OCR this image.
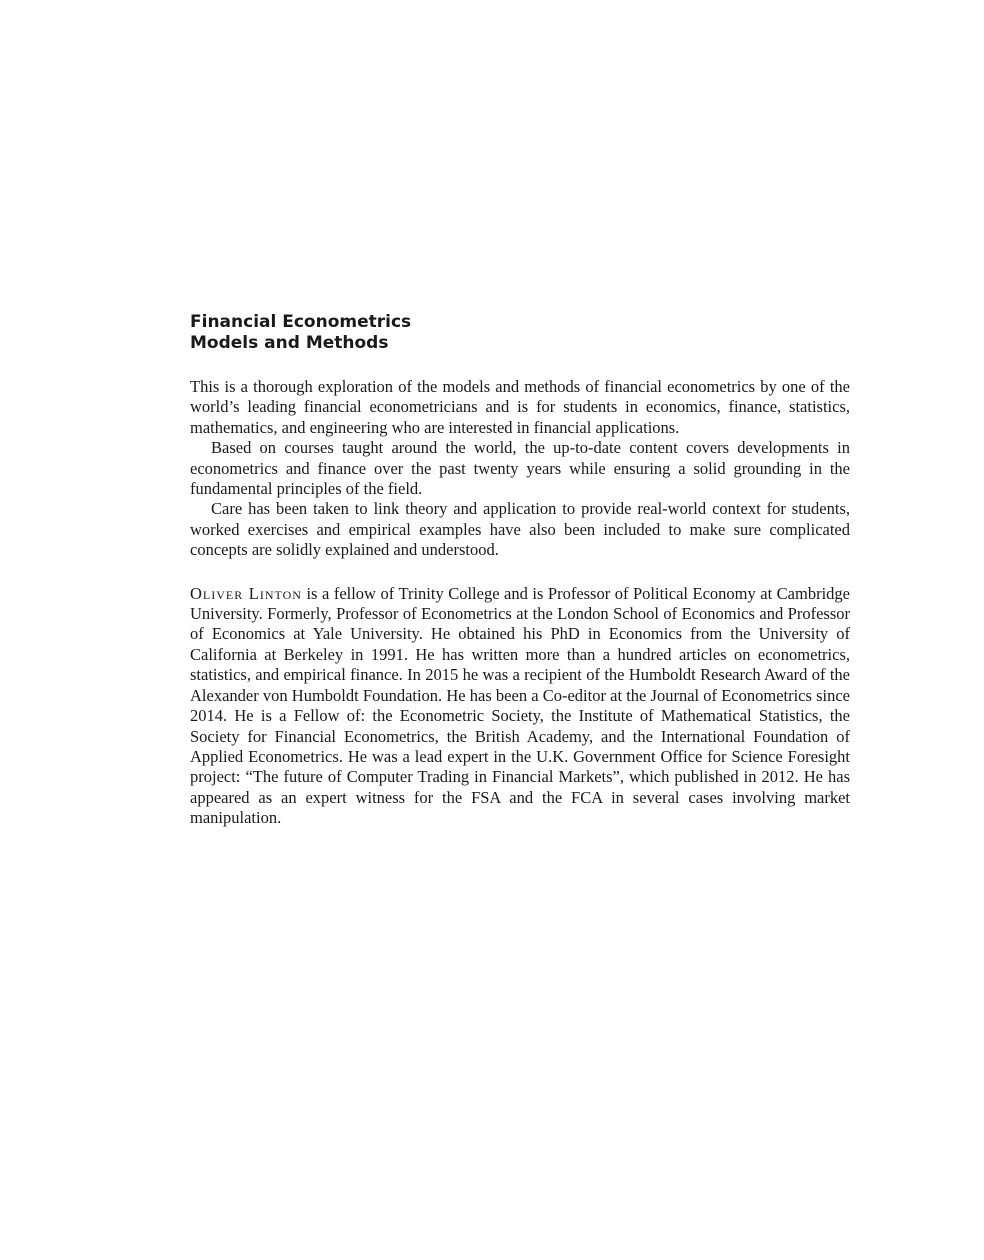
Financial Econometrics
Models and Methods

This is a thorough exploration of the models and methods of financial econometrics by one of the world’s leading financial econometricians and is for students in economics, finance, statistics, mathematics, and engineering who are interested in financial applications.

Based on courses taught around the world, the up-to-date content covers developments in econometrics and finance over the past twenty years while ensuring a solid grounding in the fundamental principles of the field.

Care has been taken to link theory and application to provide real-world context for students, worked exercises and empirical examples have also been included to make sure complicated concepts are solidly explained and understood.

Oliver Linton is a fellow of Trinity College and is Professor of Political Economy at Cambridge University. Formerly, Professor of Econometrics at the London School of Economics and Professor of Economics at Yale University. He obtained his PhD in Economics from the University of California at Berkeley in 1991. He has written more than a hundred articles on econometrics, statistics, and empirical finance. In 2015 he was a recipient of the Humboldt Research Award of the Alexander von Humboldt Foundation. He has been a Co-editor at the Journal of Econometrics since 2014. He is a Fellow of: the Econometric Society, the Institute of Mathematical Statistics, the Society for Financial Econometrics, the British Academy, and the International Foundation of Applied Econometrics. He was a lead expert in the U.K. Government Office for Science Foresight project: “The future of Computer Trading in Financial Markets”, which published in 2012. He has appeared as an expert witness for the FSA and the FCA in several cases involving market manipulation.
